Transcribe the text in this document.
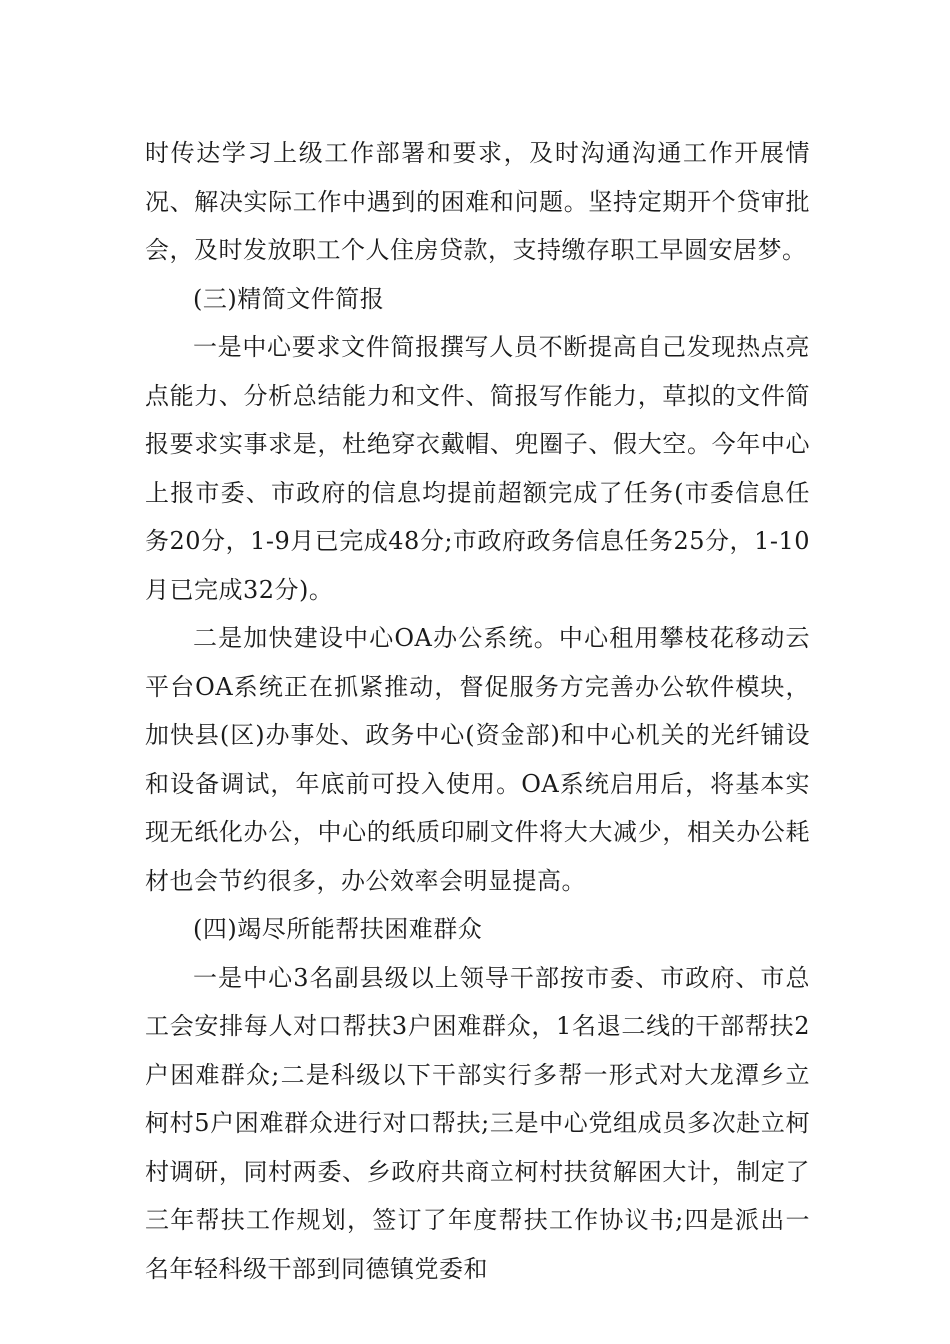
时传达学习上级工作部署和要求，及时沟通沟通工作开展情况、解决实际工作中遇到的困难和问题。坚持定期开个贷审批会，及时发放职工个人住房贷款，支持缴存职工早圆安居梦。

(三)精简文件简报

一是中心要求文件简报撰写人员不断提高自己发现热点亮点能力、分析总结能力和文件、简报写作能力，草拟的文件简报要求实事求是，杜绝穿衣戴帽、兜圈子、假大空。今年中心上报市委、市政府的信息均提前超额完成了任务(市委信息任务20分，1-9月已完成48分;市政府政务信息任务25分，1-10月已完成32分)。

二是加快建设中心OA办公系统。中心租用攀枝花移动云平台OA系统正在抓紧推动，督促服务方完善办公软件模块，加快县(区)办事处、政务中心(资金部)和中心机关的光纤铺设和设备调试，年底前可投入使用。OA系统启用后，将基本实现无纸化办公，中心的纸质印刷文件将大大减少，相关办公耗材也会节约很多，办公效率会明显提高。

(四)竭尽所能帮扶困难群众

一是中心3名副县级以上领导干部按市委、市政府、市总工会安排每人对口帮扶3户困难群众，1名退二线的干部帮扶2户困难群众;二是科级以下干部实行多帮一形式对大龙潭乡立柯村5户困难群众进行对口帮扶;三是中心党组成员多次赴立柯村调研，同村两委、乡政府共商立柯村扶贫解困大计，制定了三年帮扶工作规划，签订了年度帮扶工作协议书;四是派出一名年轻科级干部到同德镇党委和
